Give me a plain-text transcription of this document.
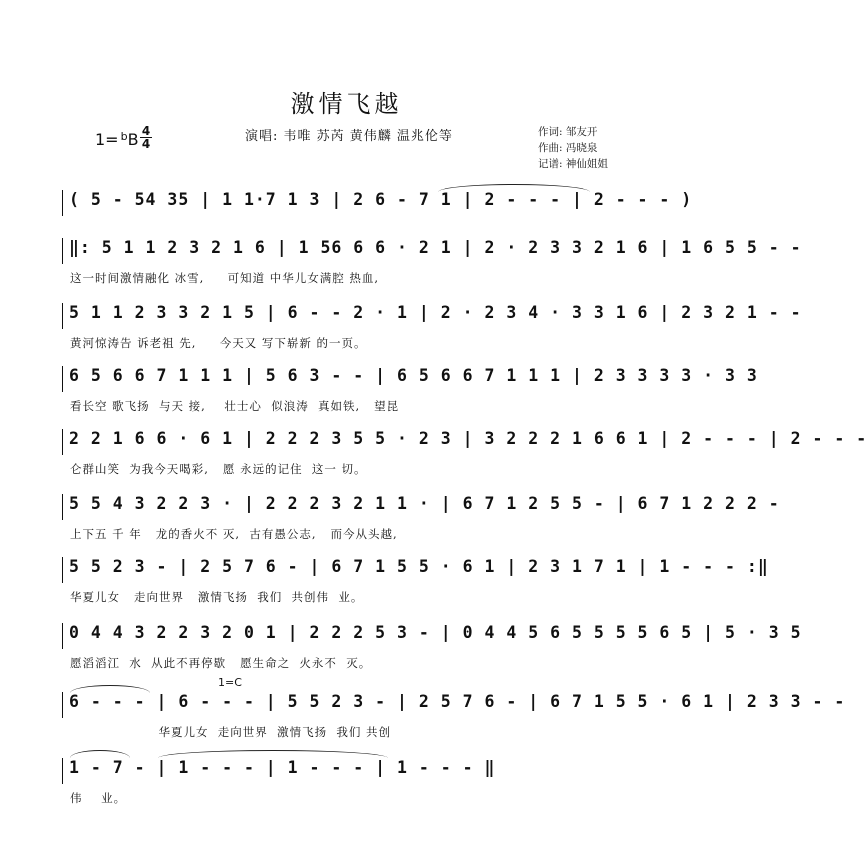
激情飞越
1= $^b$B 4
4	演唱: 韦唯 苏芮 黄伟麟 温兆伦等	作词: 邹友开
作曲: 冯晓泉
记谱: 神仙姐姐
1=C
( 5 - 54 35 | 1 1·7 1 3 | 2 6 - 7 1 | 2 - - - | 2 - - - )
‖: 5 1 1 2 3 2 1 6 | 1 56 6 6 · 2 1 | 2 · 2 3 3 2 1 6 | 1 6 5 5 - -
这一时间激情融化 冰雪,     可知道 中华儿女满腔 热血,
5 1 1 2 3 3 2 1 5 | 6 - - 2 · 1 | 2 · 2 3 4 · 3 3 1 6 | 2 3 2 1 - -
黄河惊涛告 诉老祖 先,     今天又 写下崭新 的一页。
6 5 6 6 7 1 1 1 | 5 6 3 - - | 6 5 6 6 7 1 1 1 | 2 3 3 3 3 · 3 3
看长空 歌飞扬  与天 接,    壮士心  似浪涛  真如铁,   望昆
2 2 1 6 6 · 6 1 | 2 2 2 3 5 5 · 2 3 | 3 2 2 2 1 6 6 1 | 2 - - - | 2 - - -
仑群山笑  为我今天喝彩,   愿 永远的记住  这一 切。
5 5 4 3 2 2 3 · | 2 2 2 3 2 1 1 · | 6 7 1 2 5 5 - | 6 7 1 2 2 2 -
上下五 千 年   龙的香火不 灭,  古有愚公志,   而今从头越,
5 5 2 3 - | 2 5 7 6 - | 6 7 1 5 5 · 6 1 | 2 3 1 7 1 | 1 - - - :‖
华夏儿女   走向世界   激情飞扬  我们  共创伟  业。
0 4 4 3 2 2 3 2 0 1 | 2 2 2 5 3 - | 0 4 4 5 6 5 5 5 5 6 5 | 5 · 3 5
愿滔滔江  水  从此不再停歇   愿生命之  火永不  灭。
6 - - - | 6 - - - | 5 5 2 3 - | 2 5 7 6 - | 6 7 1 5 5 · 6 1 | 2 3 3 - -
华夏儿女  走向世界  激情飞扬  我们 共创
1 - 7 - | 1 - - - | 1 - - - | 1 - - - ‖
伟    业。
